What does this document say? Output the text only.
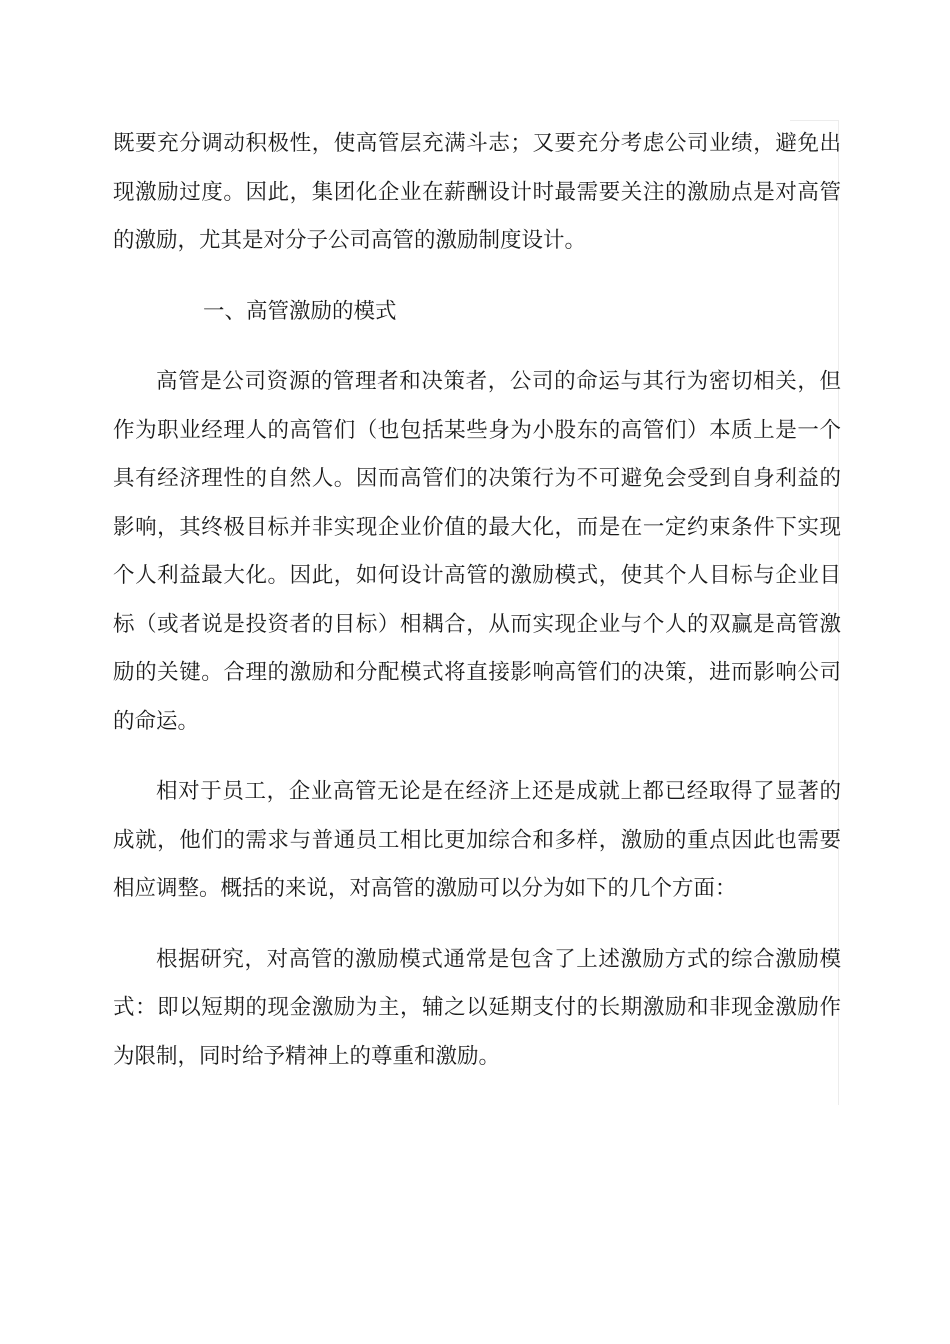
既要充分调动积极性，使高管层充满斗志；又要充分考虑公司业绩，避免出现激励过度。因此，集团化企业在薪酬设计时最需要关注的激励点是对高管的激励，尤其是对分子公司高管的激励制度设计。

一、高管激励的模式

高管是公司资源的管理者和决策者，公司的命运与其行为密切相关，但作为职业经理人的高管们（也包括某些身为小股东的高管们）本质上是一个具有经济理性的自然人。因而高管们的决策行为不可避免会受到自身利益的影响，其终极目标并非实现企业价值的最大化，而是在一定约束条件下实现个人利益最大化。因此，如何设计高管的激励模式，使其个人目标与企业目标（或者说是投资者的目标）相耦合，从而实现企业与个人的双赢是高管激励的关键。合理的激励和分配模式将直接影响高管们的决策，进而影响公司的命运。

相对于员工，企业高管无论是在经济上还是成就上都已经取得了显著的成就，他们的需求与普通员工相比更加综合和多样，激励的重点因此也需要相应调整。概括的来说，对高管的激励可以分为如下的几个方面：

根据研究，对高管的激励模式通常是包含了上述激励方式的综合激励模式：即以短期的现金激励为主，辅之以延期支付的长期激励和非现金激励作为限制，同时给予精神上的尊重和激励。
